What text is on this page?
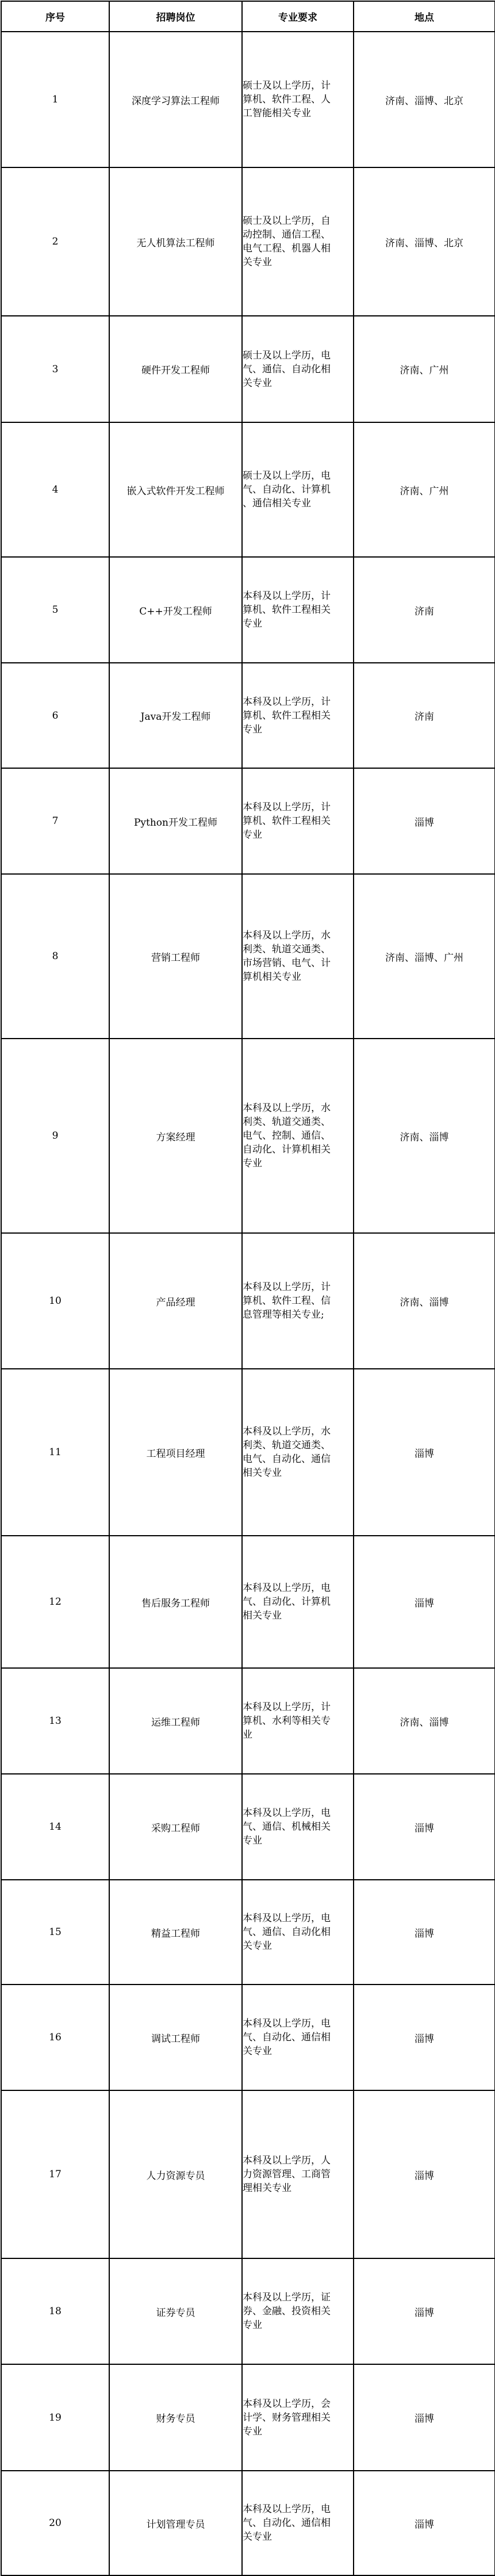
序号	招聘岗位	专业要求	地点
1	深度学习算法工程师	硕士及以上学历，计
算机、软件工程、人
工智能相关专业	济南、淄博、北京
2	无人机算法工程师	硕士及以上学历，自
动控制、通信工程、
电气工程、机器人相
关专业	济南、淄博、北京
3	硬件开发工程师	硕士及以上学历，电
气、通信、自动化相
关专业	济南、广州
4	嵌入式软件开发工程师	硕士及以上学历，电
气、自动化、计算机
、通信相关专业	济南、广州
5	C++开发工程师	本科及以上学历，计
算机、软件工程相关
专业	济南
6	Java开发工程师	本科及以上学历，计
算机、软件工程相关
专业	济南
7	Python开发工程师	本科及以上学历，计
算机、软件工程相关
专业	淄博
8	营销工程师	本科及以上学历，水
利类、轨道交通类、
市场营销、电气、计
算机相关专业	济南、淄博、广州
9	方案经理	本科及以上学历，水
利类、轨道交通类、
电气、控制、通信、
自动化、计算机相关
专业	济南、淄博
10	产品经理	本科及以上学历，计
算机、软件工程、信
息管理等相关专业;	济南、淄博
11	工程项目经理	本科及以上学历，水
利类、轨道交通类、
电气、自动化、通信
相关专业	淄博
12	售后服务工程师	本科及以上学历，电
气、自动化、计算机
相关专业	淄博
13	运维工程师	本科及以上学历，计
算机、水利等相关专
业	济南、淄博
14	采购工程师	本科及以上学历，电
气、通信、机械相关
专业	淄博
15	精益工程师	本科及以上学历，电
气、通信、自动化相
关专业	淄博
16	调试工程师	本科及以上学历，电
气、自动化、通信相
关专业	淄博
17	人力资源专员	本科及以上学历，人
力资源管理、工商管
理相关专业	淄博
18	证券专员	本科及以上学历，证
券、金融、投资相关
专业	淄博
19	财务专员	本科及以上学历，会
计学、财务管理相关
专业	淄博
20	计划管理专员	本科及以上学历，电
气、自动化、通信相
关专业	淄博
